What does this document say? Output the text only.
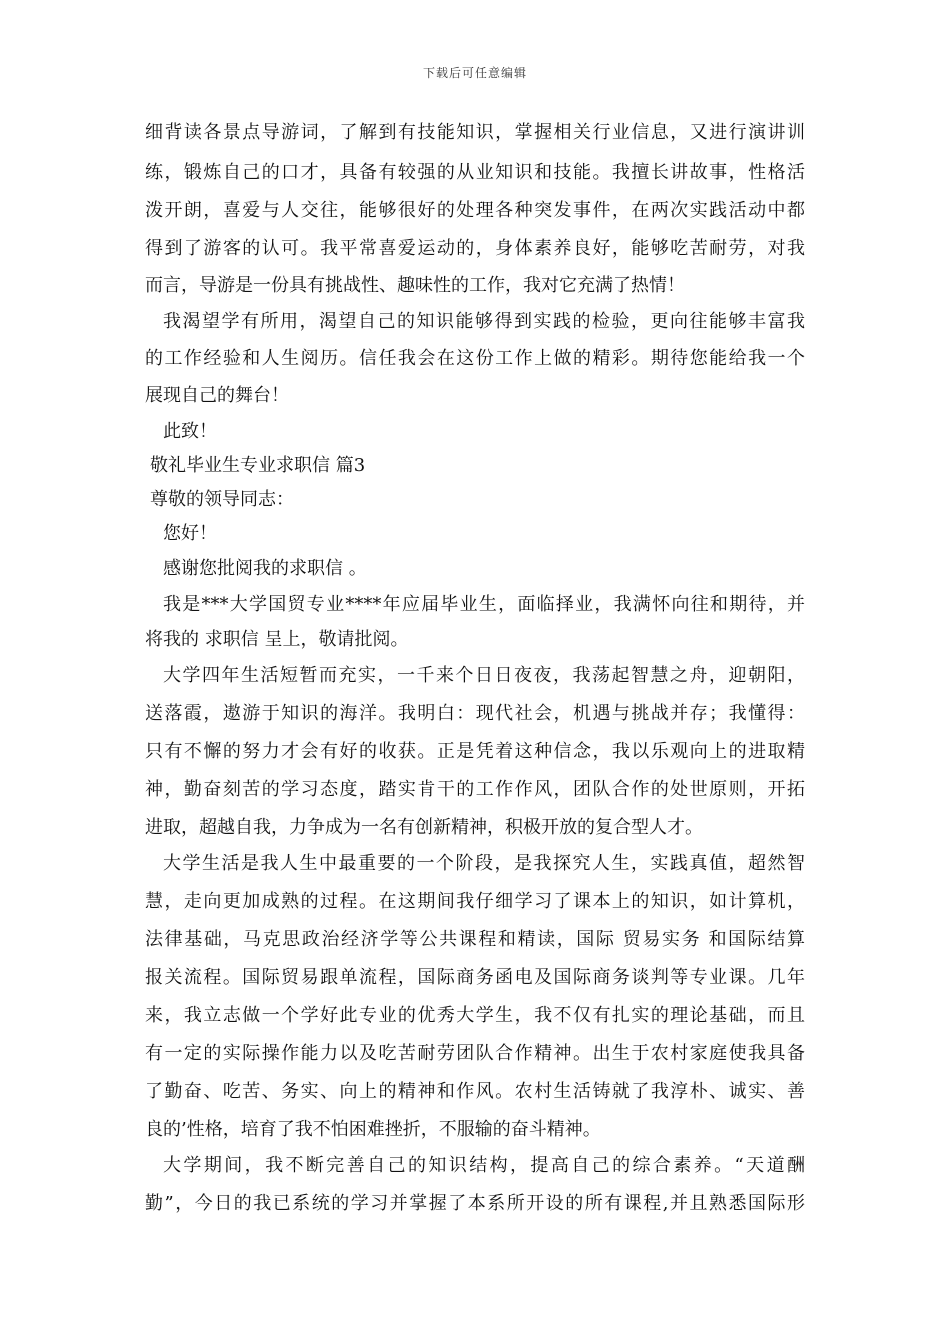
下载后可任意编辑
细背读各景点导游词，了解到有技能知识，掌握相关行业信息，又进行演讲训
练，锻炼自己的口才，具备有较强的从业知识和技能。我擅长讲故事，性格活
泼开朗，喜爱与人交往，能够很好的处理各种突发事件，在两次实践活动中都
得到了游客的认可。我平常喜爱运动的，身体素养良好，能够吃苦耐劳，对我
而言，导游是一份具有挑战性、趣味性的工作，我对它充满了热情！
我渴望学有所用，渴望自己的知识能够得到实践的检验，更向往能够丰富我
的工作经验和人生阅历。信任我会在这份工作上做的精彩。期待您能给我一个
展现自己的舞台！
此致！
敬礼毕业生专业求职信 篇3
尊敬的领导同志：
您好！
感谢您批阅我的求职信 。
我是***大学国贸专业****年应届毕业生，面临择业，我满怀向往和期待，并
将我的 求职信 呈上，敬请批阅。
大学四年生活短暂而充实，一千来个日日夜夜，我荡起智慧之舟，迎朝阳，
送落霞，遨游于知识的海洋。我明白：现代社会，机遇与挑战并存；我懂得：
只有不懈的努力才会有好的收获。正是凭着这种信念，我以乐观向上的进取精
神，勤奋刻苦的学习态度，踏实肯干的工作作风，团队合作的处世原则，开拓
进取，超越自我，力争成为一名有创新精神，积极开放的复合型人才。
大学生活是我人生中最重要的一个阶段，是我探究人生，实践真值，超然智
慧，走向更加成熟的过程。在这期间我仔细学习了课本上的知识，如计算机，
法律基础，马克思政治经济学等公共课程和精读，国际 贸易实务 和国际结算
报关流程。国际贸易跟单流程，国际商务函电及国际商务谈判等专业课。几年
来，我立志做一个学好此专业的优秀大学生，我不仅有扎实的理论基础，而且
有一定的实际操作能力以及吃苦耐劳团队合作精神。出生于农村家庭使我具备
了勤奋、吃苦、务实、向上的精神和作风。农村生活铸就了我淳朴、诚实、善
良的’性格，培育了我不怕困难挫折，不服输的奋斗精神。
大学期间，我不断完善自己的知识结构，提高自己的综合素养。“天道酬
勤”，今日的我已系统的学习并掌握了本系所开设的所有课程,并且熟悉国际形
